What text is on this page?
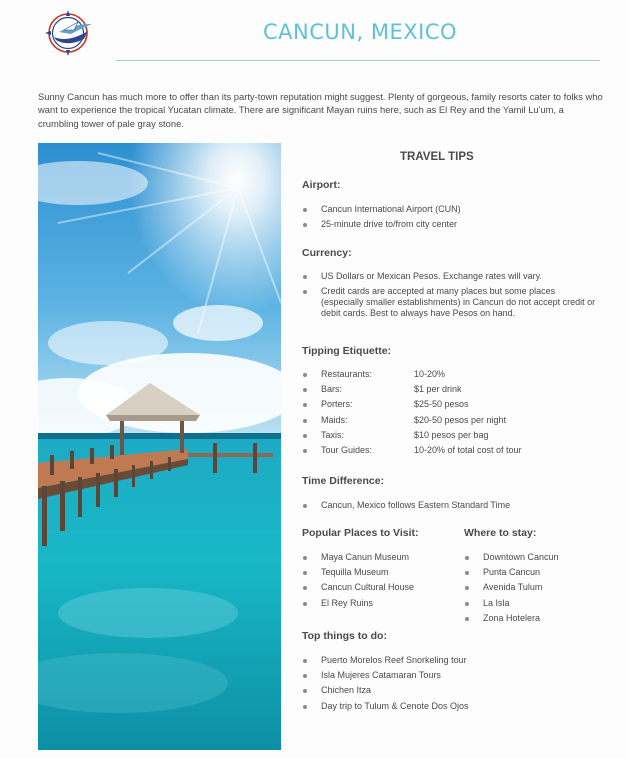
CANCUN, MEXICO

Sunny Cancun has much more to offer than its party-town reputation might suggest. Plenty of gorgeous, family resorts cater to folks who want to experience the tropical Yucatan climate. There are significant Mayan ruins here, such as El Rey and the Yamil Lu'um, a crumbling tower of pale gray stone.

TRAVEL TIPS
Airport:
Cancun International Airport (CUN)
25-minute drive to/from city center
Currency:
US Dollars or Mexican Pesos. Exchange rates will vary.
Credit cards are accepted at many places but some places (especially smaller establishments) in Cancun do not accept credit or debit cards. Best to always have Pesos on hand.
Tipping Etiquette:
Restaurants:	10-20%
Bars:	$1 per drink
Porters:	$25-50 pesos
Maids:	$20-50 pesos per night
Taxis:	$10 pesos per bag
Tour Guides:	10-20% of total cost of tour
Time Difference:
Cancun, Mexico follows Eastern Standard Time
Popular Places to Visit:
Maya Canun Museum
Tequilla Museum
Cancun Cultural House
El Rey Ruins
Where to stay:
Downtown Cancun
Punta Cancun
Avenida Tulum
La Isla
Zona Hotelera
Top things to do:
Puerto Morelos Reef Snorkeling tour
Isla Mujeres Catamaran Tours
Chichen Itza
Day trip to Tulum & Cenote Dos Ojos
